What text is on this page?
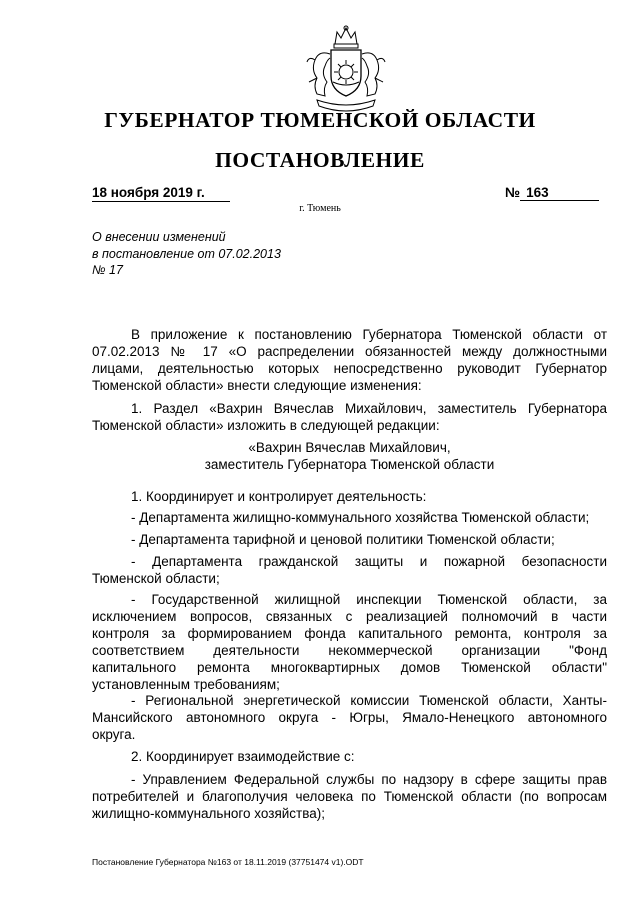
ГУБЕРНАТОР ТЮМЕНСКОЙ ОБЛАСТИ
ПОСТАНОВЛЕНИЕ
18 ноября 2019 г.	№ 163
г. Тюмень
О внесении изменений
в постановление от 07.02.2013
№ 17
В приложение к постановлению Губернатора Тюменской области от
07.02.2013 № 17 «О распределении обязанностей между должностными
лицами, деятельностью которых непосредственно руководит Губернатор
Тюменской области» внести следующие изменения:
1. Раздел «Вахрин Вячеслав Михайлович, заместитель Губернатора
Тюменской области» изложить в следующей редакции:
«Вахрин Вячеслав Михайлович,
заместитель Губернатора Тюменской области
1. Координирует и контролирует деятельность:
- Департамента жилищно-коммунального хозяйства Тюменской области;
- Департамента тарифной и ценовой политики Тюменской области;
- Департамента гражданской защиты и пожарной безопасности
Тюменской области;
- Государственной жилищной инспекции Тюменской области, за
исключением вопросов, связанных с реализацией полномочий в части
контроля за формированием фонда капитального ремонта, контроля за
соответствием деятельности некоммерческой организации "Фонд
капитального ремонта многоквартирных домов Тюменской области"
установленным требованиям;
- Региональной энергетической комиссии Тюменской области, Ханты-
Мансийского автономного округа - Югры, Ямало-Ненецкого автономного
округа.
2. Координирует взаимодействие с:
- Управлением Федеральной службы по надзору в сфере защиты прав
потребителей и благополучия человека по Тюменской области (по вопросам
жилищно-коммунального хозяйства);
Постановление Губернатора №163 от 18.11.2019 (37751474 v1).ODT
